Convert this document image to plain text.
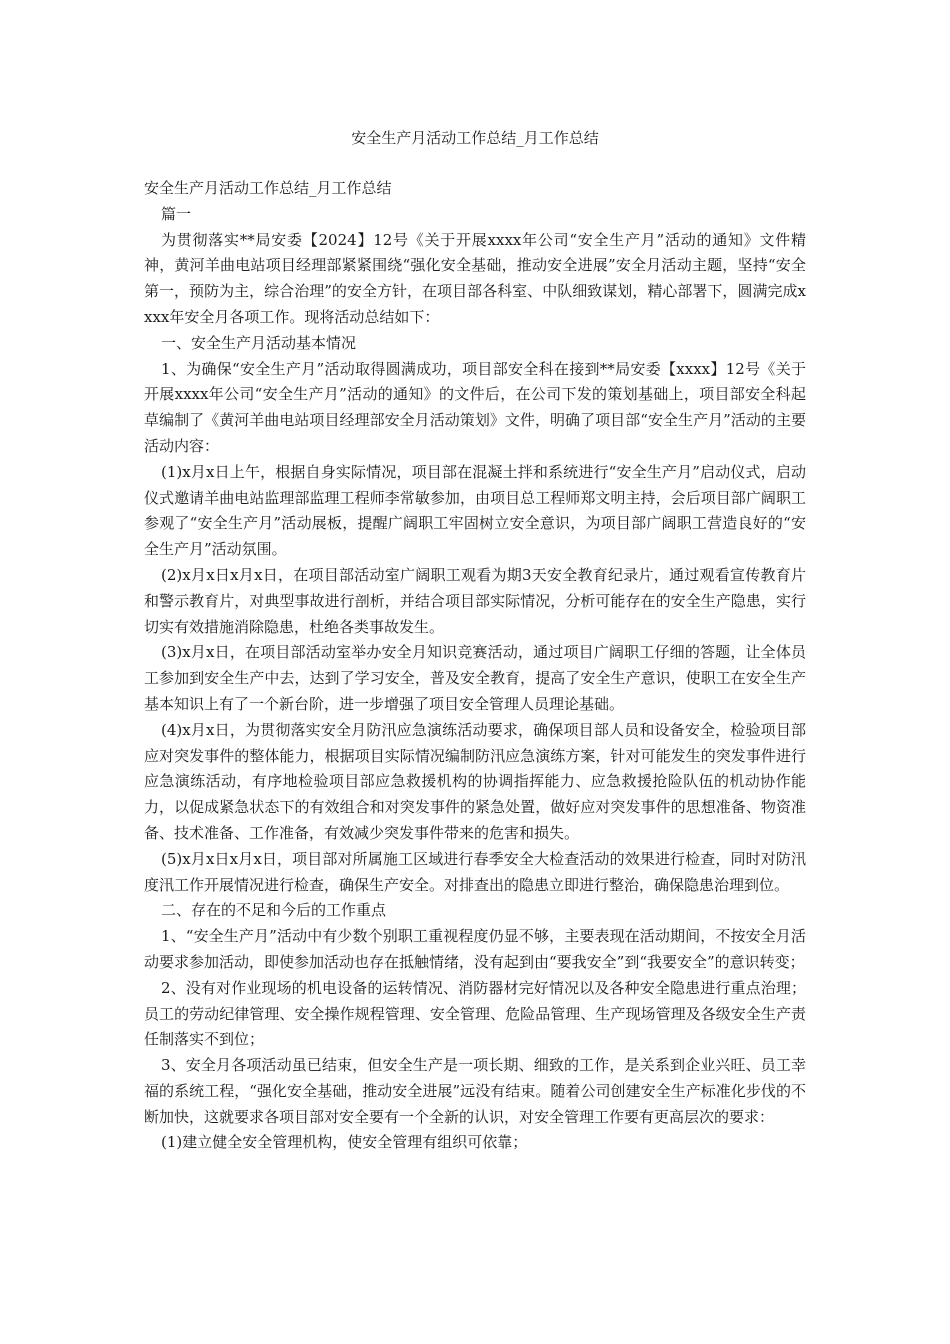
安全生产月活动工作总结_月工作总结

安全生产月活动工作总结_月工作总结

篇一

为贯彻落实**局安委【2024】12号《关于开展xxxx年公司“安全生产月”活动的通知》文件精神，黄河羊曲电站项目经理部紧紧围绕“强化安全基础，推动安全进展”安全月活动主题，坚持“安全第一，预防为主，综合治理”的安全方针，在项目部各科室、中队细致谋划，精心部署下，圆满完成xxxx年安全月各项工作。现将活动总结如下：

一、安全生产月活动基本情况

1、为确保“安全生产月”活动取得圆满成功，项目部安全科在接到**局安委【xxxx】12号《关于开展xxxx年公司“安全生产月”活动的通知》的文件后，在公司下发的策划基础上，项目部安全科起草编制了《黄河羊曲电站项目经理部安全月活动策划》文件，明确了项目部“安全生产月”活动的主要活动内容：

(1)x月x日上午，根据自身实际情况，项目部在混凝土拌和系统进行“安全生产月”启动仪式，启动仪式邀请羊曲电站监理部监理工程师李常敏参加，由项目总工程师郑文明主持，会后项目部广阔职工参观了“安全生产月”活动展板，提醒广阔职工牢固树立安全意识，为项目部广阔职工营造良好的“安全生产月”活动氛围。

(2)x月x日x月x日，在项目部活动室广阔职工观看为期3天安全教育纪录片，通过观看宣传教育片和警示教育片，对典型事故进行剖析，并结合项目部实际情况，分析可能存在的安全生产隐患，实行切实有效措施消除隐患，杜绝各类事故发生。

(3)x月x日，在项目部活动室举办安全月知识竞赛活动，通过项目广阔职工仔细的答题，让全体员工参加到安全生产中去，达到了学习安全，普及安全教育，提高了安全生产意识，使职工在安全生产基本知识上有了一个新台阶，进一步增强了项目安全管理人员理论基础。

(4)x月x日，为贯彻落实安全月防汛应急演练活动要求，确保项目部人员和设备安全，检验项目部应对突发事件的整体能力，根据项目实际情况编制防汛应急演练方案，针对可能发生的突发事件进行应急演练活动，有序地检验项目部应急救援机构的协调指挥能力、应急救援抢险队伍的机动协作能力，以促成紧急状态下的有效组合和对突发事件的紧急处置，做好应对突发事件的思想准备、物资准备、技术准备、工作准备，有效减少突发事件带来的危害和损失。

(5)x月x日x月x日，项目部对所属施工区域进行春季安全大检查活动的效果进行检查，同时对防汛度汛工作开展情况进行检查，确保生产安全。对排查出的隐患立即进行整治，确保隐患治理到位。

二、存在的不足和今后的工作重点

1、“安全生产月”活动中有少数个别职工重视程度仍显不够，主要表现在活动期间，不按安全月活动要求参加活动，即使参加活动也存在抵触情绪，没有起到由“要我安全”到“我要安全”的意识转变；

2、没有对作业现场的机电设备的运转情况、消防器材完好情况以及各种安全隐患进行重点治理；员工的劳动纪律管理、安全操作规程管理、安全管理、危险品管理、生产现场管理及各级安全生产责任制落实不到位；

3、安全月各项活动虽已结束，但安全生产是一项长期、细致的工作，是关系到企业兴旺、员工幸福的系统工程，“强化安全基础，推动安全进展”远没有结束。随着公司创建安全生产标准化步伐的不断加快，这就要求各项目部对安全要有一个全新的认识，对安全管理工作要有更高层次的要求：

(1)建立健全安全管理机构，使安全管理有组织可依靠；
